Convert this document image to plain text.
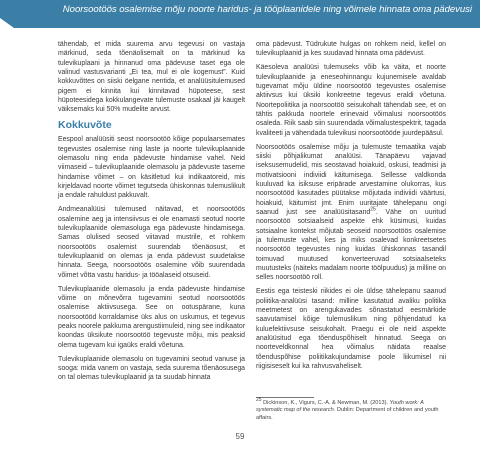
Noorsootöös osalemise mõju noorte haridus- ja tööplaanidele ning võimele hinnata oma pädevusi

tähendab, et mida suurema arvu tegevusi on vastaja märkinud, seda tõenäolisemalt on ta märkinud ka tulevikuplaani ja hinnanud oma pädevuse taset ega ole valinud vastusvarianti „Ei tea, mul ei ole kogemust”. Kuid kokkuvõttes on siiski öelgane nentida, et analüüsitulemused pigem ei kinnita kui kinnitavad hüpoteese, sest hüpoteesidega kokkulangevate tulemuste osakaal jäi kaugelt väiksemaks kui 50% mudelite arvust.

Kokkuvõte

Eespool analüüsiti seost noorsootöö kõige populaarsemates tegevustes osalemise ning laste ja noorte tulevikuplaanide olemasolu ning enda pädevuste hindamise vahel. Neid viimaseid – tulevikuplaanide olemasolu ja pädevuste taseme hindamise võimet – on käsitletud kui indikaatoreid, mis kirjeldavad noorte võimet tegutseda ühiskonnas tulemuslikult ja endale rahuldust pakkuvalt.

Andmeanalüüsi tulemused näitavad, et noorsootöös osalemine aeg ja intensiivsus ei ole enamasti seotud noorte tulevikuplaanide olemasoluga ega pädevuste hindamisega. Samas olulised seosed viitavad mustrile, et rohkem noorsootöös osalemist suurendab tõenäosust, et tulevikuplaanid on olemas ja enda pädevust suudetakse hinnata. Seega, noorsootöös osalemine võib suurendada võimet võtta vastu haridus- ja tööalaseid otsuseid.

Tulevikuplaanide olemasolu ja enda pädevuste hindamise võime on mõnevõrra tugevamini seotud noorsootöös osalemise aktiivsusega. See on ootuspärane, kuna noorsootööd korraldamise üks alus on uskumus, et tegevus peaks noorele pakkuma arengustiimuleid, ning see indikaator koondas üksikute noorsootöö tegevuste mõju, mis peaksid olema tugevam kui igaüks eraldi võetuna.

Tulevikuplaanide olemasolu on tugevamini seotud vanuse ja sooga: mida vanem on vastaja, seda suurema tõenäosusega on tal olemas tulevikuplaanid ja ta suudab hinnata

oma pädevust. Tüdrukute hulgas on rohkem neid, kellel on tulevikuplaanid ja kes suudavad hinnata oma pädevust.

Käesoleva analüüsi tulemuseks võib ka väita, et noorte tulevikuplaanide ja eneseohinnangu kujunemisele avaldab tugevamat mõju üldine noorsootöö tegevustes osalemise aktiivsus kui üksiki konkreetne tegevus eraldi võetuna. Noortepoliitika ja noorsootöö seisukohalt tähendab see, et on tähtis pakkuda noortele erinevaid võimalusi noorsootöös osaleda. Riik saab siin suurendada võimalustespektrit, tagada kvaliteeti ja vähendada tulevikusi noorsootööde juurdepääsul.

Noorsootöös osalemise mõju ja tulemuste temaatika vajab siiski põhjalikumat analüüsi. Tänapäevu vajavad iseksusemudelid, mis seostavad hoiakuid, oskusi, teadmisi ja motivatsiooni indiviidi käitumisega. Sellesse valdkonda kuuluvad ka isiksuse eripärade arvestamine olukorras, kus noorsootööd kasutades püütakse mõjutada indiviidi väärtusi, hoiakuid, käitumist jmt. Enim uuritajate tähelepanu ongi saanud just see analüüsitasand$^{25}$. Vähe on uuritud noorsootöö sotsiaalseid aspekte ehk küsimusi, kuidas sotsiaalne kontekst mõjutab seoseid noorsootöös osalemise ja tulemuste vahel, kes ja miks osalevad konkreetsetes noorsootöö tegevustes ning kuidas ühiskonnas tasandil toimuvad muutused konverteeruvad sotsiaalseteks muutusteks (näiteks madalam noorte töölpuudus) ja milline on selles noorsootöö roll.

Eestis ega teisteski riikides ei ole üldse tähelepanu saanud poliitika-analüüsi tasand: milline kasutatud avaliku politika meetmetest on arengukavades sõnastatud eesmärkide saavutamisel kõige tulemuslikum ning põhjendatud ka kuluefektiivsuse seisukohalt. Praegu ei ole neid aspekte analüüsitud ega tõenduspõhiselt hinnatud. Seega on noorteveldkonnal hea võimalus näidata reaalse tõenduspõhise poliitikakujundamise poole liikumisel nii riigisiseselt kui ka rahvusvaheliselt.

$^{25}$ Dickinson, K., Vigurs, C.-A. & Newman, M. (2013). Youth work: A systematic map of the research. Dublin: Department of children and youth affairs.
59
